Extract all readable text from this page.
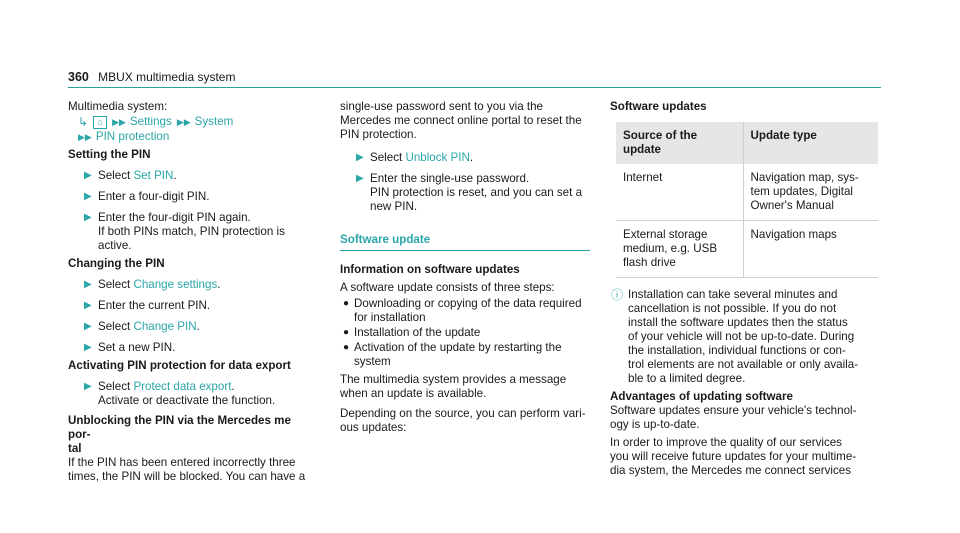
360 MBUX multimedia system
Multimedia system:
↳	⌂	▶▶ Settings ▶▶ System
▶▶ PIN protection
Setting the PIN
▶ Select Set PIN.
▶ Enter a four-digit PIN.
▶ Enter the four-digit PIN again.
If both PINs match, PIN protection is active.
Changing the PIN
▶ Select Change settings.
▶ Enter the current PIN.
▶ Select Change PIN.
▶ Set a new PIN.
Activating PIN protection for data export
▶ Select Protect data export.
Activate or deactivate the function.
Unblocking the PIN via the Mercedes me por-
tal
If the PIN has been entered incorrectly three
times, the PIN will be blocked. You can have a
single-use password sent to you via the
Mercedes me connect online portal to reset the
PIN protection.
▶ Select Unblock PIN.
▶ Enter the single-use password.
PIN protection is reset, and you can set a
new PIN.
Software update
Information on software updates
A software update consists of three steps:
● Downloading or copying of the data required
for installation
● Installation of the update
● Activation of the update by restarting the
system
The multimedia system provides a message
when an update is available.
Depending on the source, you can perform vari-
ous updates:
Software updates
Source of the
update	Update type

Internet	Navigation map, sys-
tem updates, Digital
Owner's Manual

External storage
medium, e.g. USB
flash drive	Navigation maps
ⓘ Installation can take several minutes and
cancellation is not possible. If you do not
install the software updates then the status
of your vehicle will not be up-to-date. During
the installation, individual functions or con-
trol elements are not available or only availa-
ble to a limited degree.
Advantages of updating software
Software updates ensure your vehicle's technol-
ogy is up-to-date.
In order to improve the quality of our services
you will receive future updates for your multime-
dia system, the Mercedes me connect services
